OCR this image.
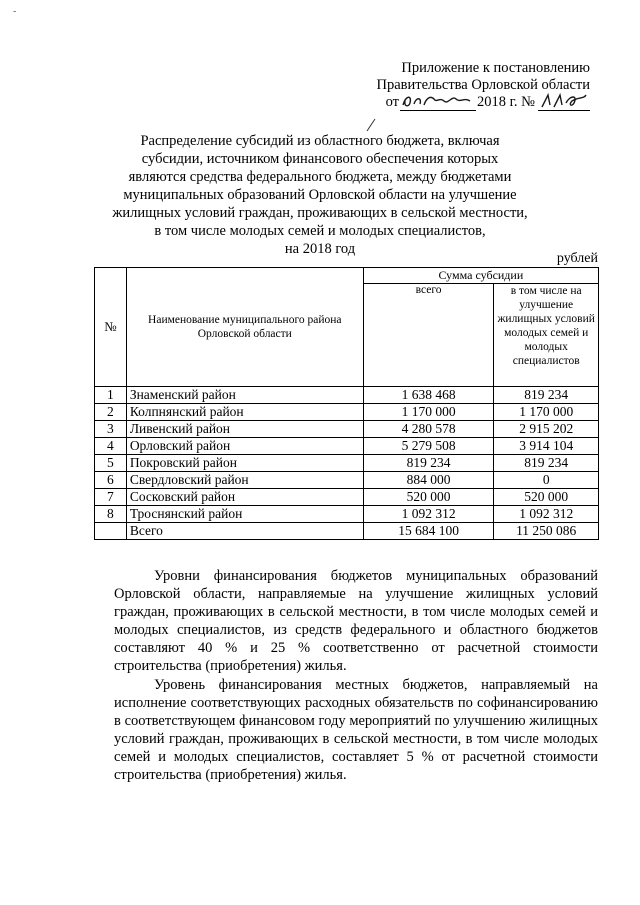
-
Приложение к постановлению
Правительства Орловской области
от	2018 г. №
Распределение субсидий из областного бюджета, включая
субсидии, источником финансового обеспечения которых
являются средства федерального бюджета, между бюджетами
муниципальных образований Орловской области на улучшение
жилищных условий граждан, проживающих в сельской местности,
в том числе молодых семей и молодых специалистов,
на 2018 год
рублей
№	Наименование муниципального района Орловской области	Сумма субсидии	
		всего	в том числе на улучшение жилищных условий молодых семей и молодых специалистов
1	Знаменский район	1 638 468	819 234
2	Колпнянский район	1 170 000	1 170 000
3	Ливенский район	4 280 578	2 915 202
4	Орловский район	5 279 508	3 914 104
5	Покровский район	819 234	819 234
6	Свердловский район	884 000	0
7	Сосковский район	520 000	520 000
8	Троснянский район	1 092 312	1 092 312
	Всего	15 684 100	11 250 086
Уровни финансирования бюджетов муниципальных образований Орловской области, направляемые на улучшение жилищных условий граждан, проживающих в сельской местности, в том числе молодых семей и молодых специалистов, из средств федерального и областного бюджетов составляют 40 % и 25 % соответственно от расчетной стоимости строительства (приобретения) жилья.
Уровень финансирования местных бюджетов, направляемый на исполнение соответствующих расходных обязательств по софинансированию в соответствующем финансовом году мероприятий по улучшению жилищных условий граждан, проживающих в сельской местности, в том числе молодых семей и молодых специалистов, составляет 5 % от расчетной стоимости строительства (приобретения) жилья.
